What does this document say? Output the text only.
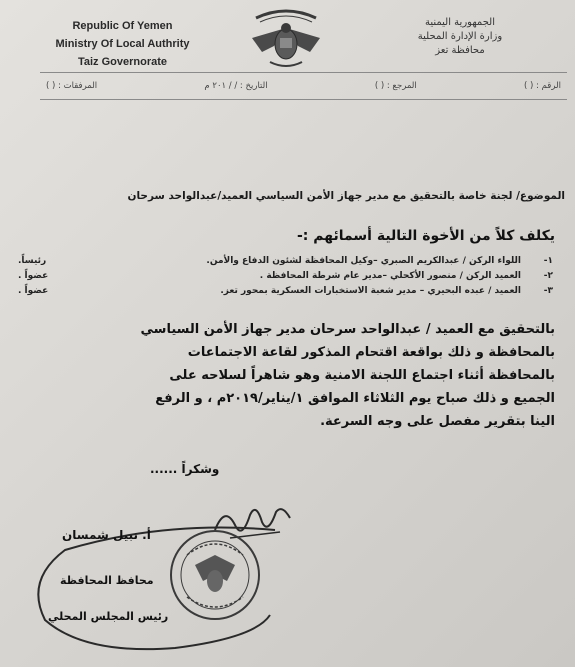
Republic Of Yemen
Ministry Of Local Authrity
Taiz Governorate
الجمهورية اليمنية
وزارة الإدارة المحلية
محافظة تعز
الرقم : ( )
المرجع : ( )
التاريخ : / / ٢٠١ م
المرفقات : ( )
الموضوع/ لجنة خاصة بالتحقيق مع مدير جهاز الأمن السياسي العميد/عبدالواحد سرحان
يكلف كلاً من الأخوة التالية أسمائهم :-
١-
اللواء الركن / عبدالكريم الصبري –وكيل المحافظة لشئون الدفاع والأمن.
رئيساً.
٢-
العميد الركن / منصور الأكحلي –مدير عام شرطة المحافظة .
عضواً .
٣-
العميد / عبده البحيري – مدير شعبة الاستخبارات العسكرية بمحور تعز.
عضواً .
بالتحقيق مع العميد / عبدالواحد سرحان مدير جهاز الأمن السياسي
بالمحافظة و ذلك بواقعة اقتحام المذكور لقاعة الاجتماعات
بالمحافظة أثناء اجتماع اللجنة الامنية وهو شاهراً لسلاحه على
الجميع و ذلك صباح يوم الثلاثاء الموافق ١/يناير/٢٠١٩م ، و الرفع
الينا بتقرير مفصل على وجه السرعة.
وشكراً ......
أ. نبيل شمسان
محافظ المحافظة
رئيس المجلس المحلي
